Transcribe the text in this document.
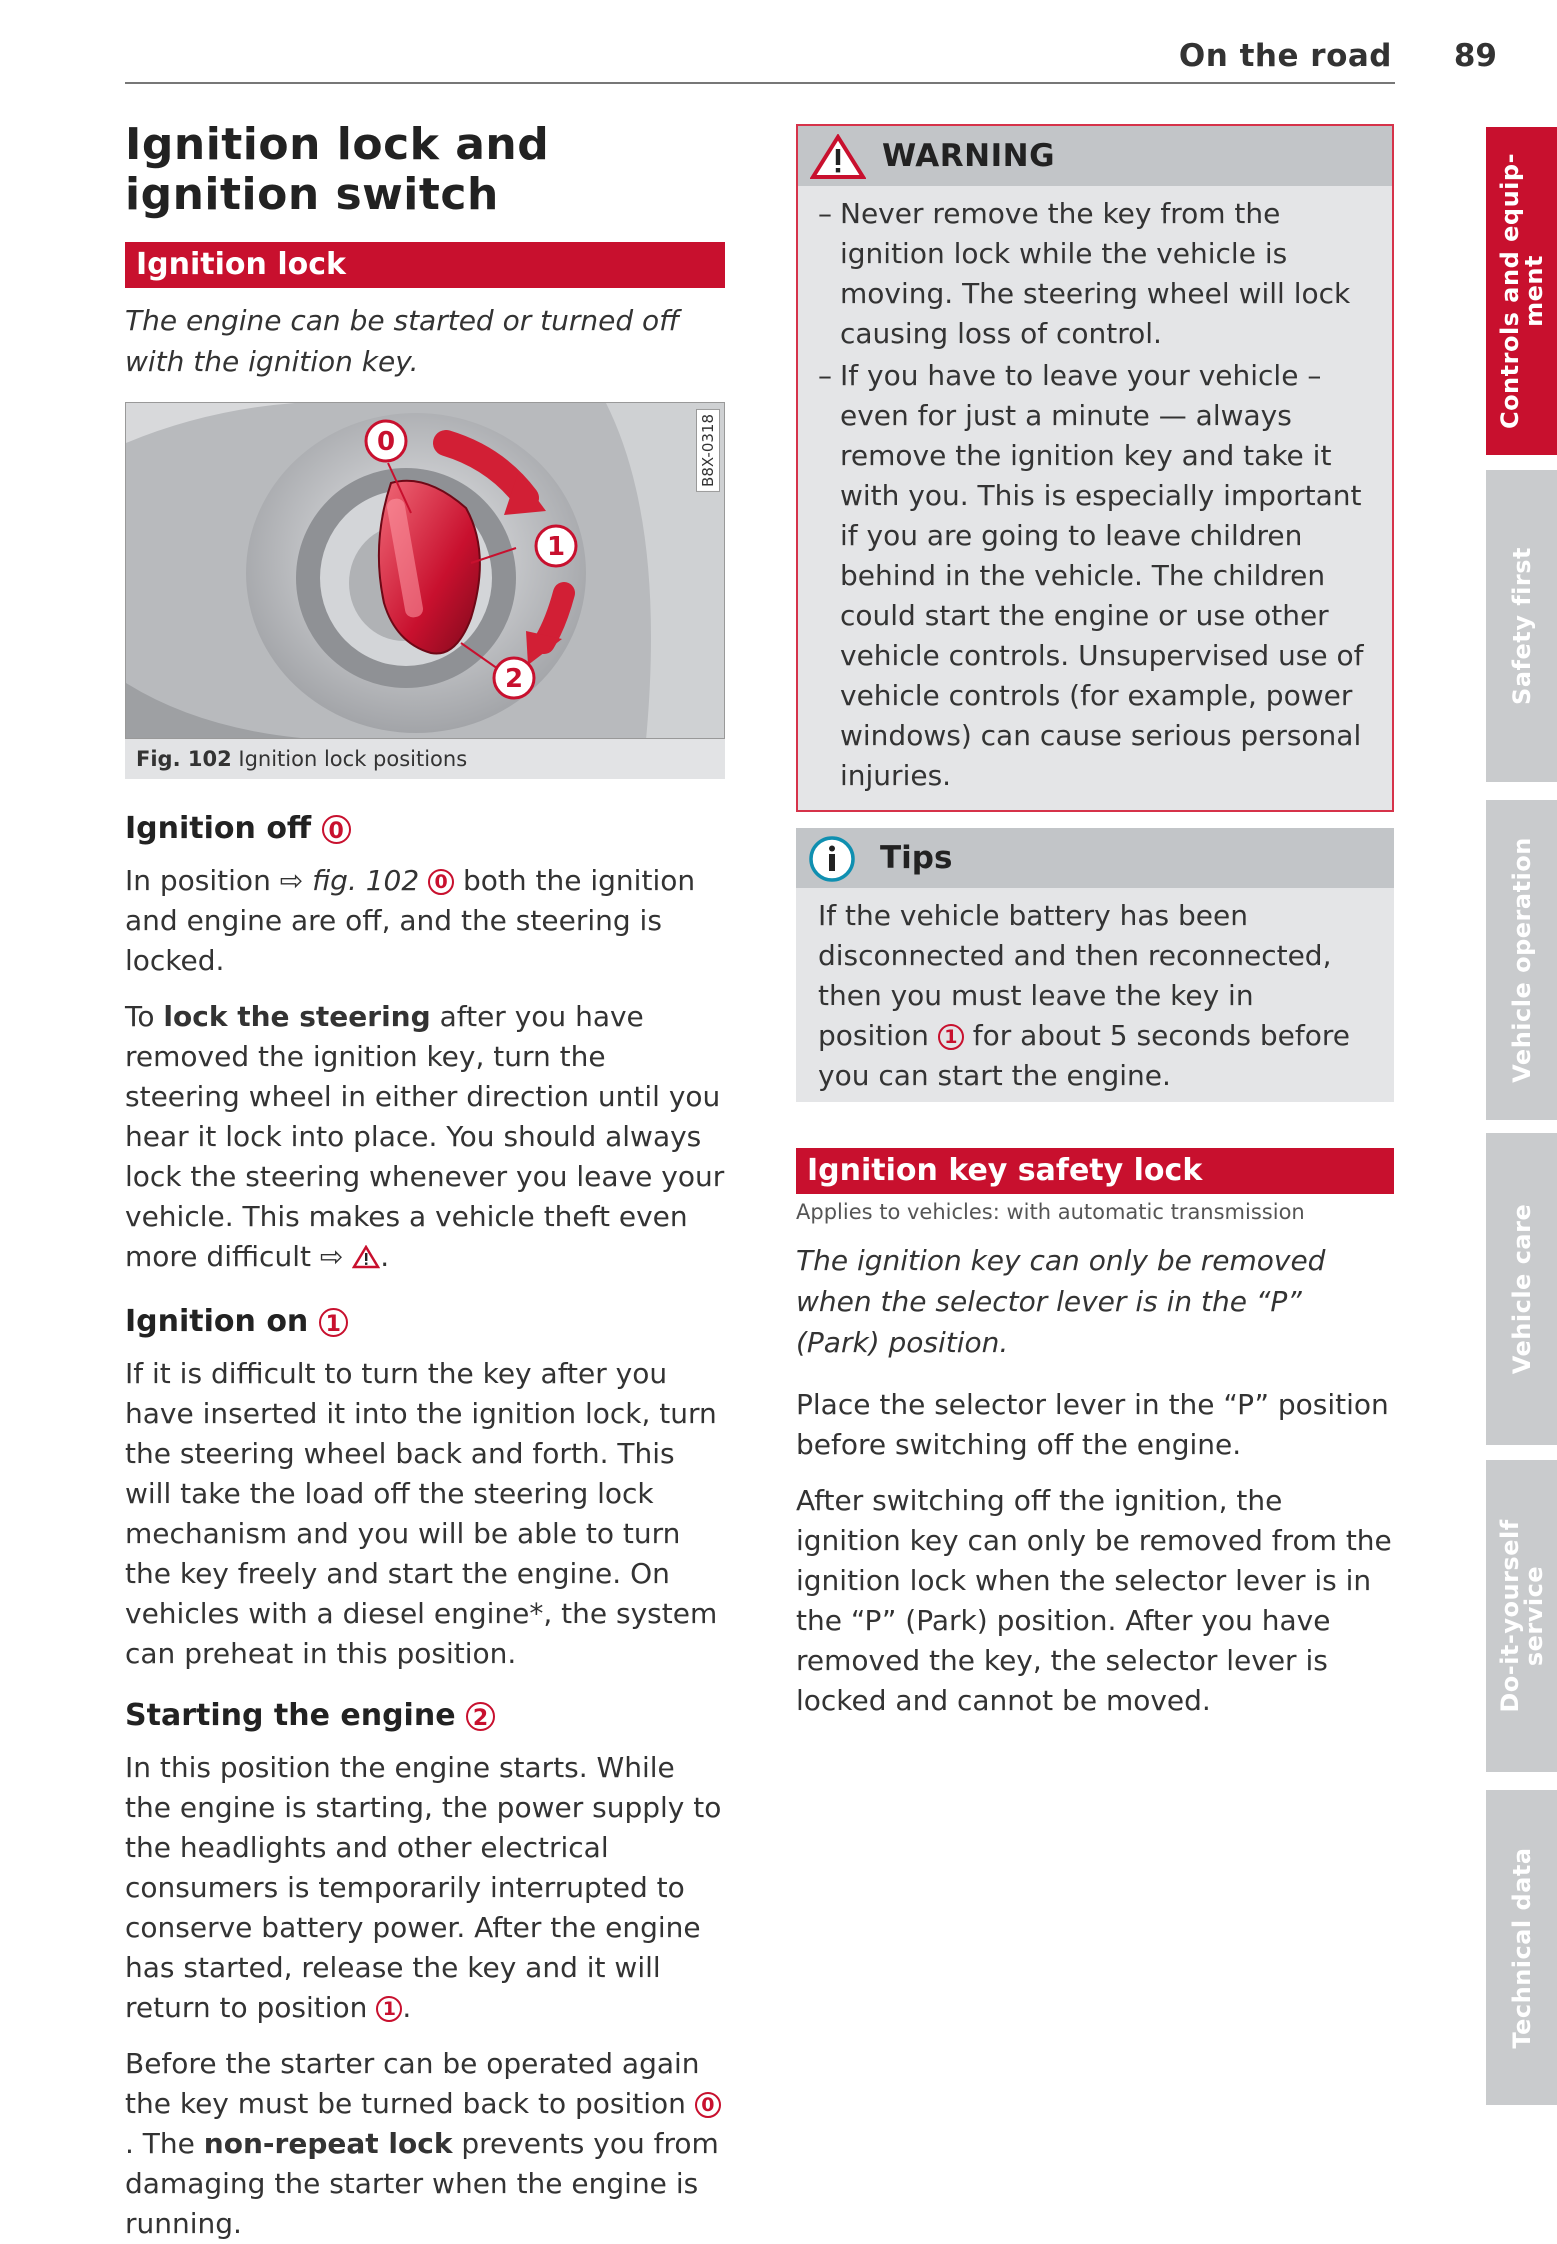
On the road 89
Ignition lock and
ignition switch
Ignition lock

The engine can be started or turned off with the ignition key.

0
1
2
B8X-0318
Fig. 102 Ignition lock positions
Ignition off 0

In position ⇨ fig. 102 0 both the ignition and engine are off, and the steering is locked.

To lock the steering after you have removed the ignition key, turn the steering wheel in either direction until you hear it lock into place. You should always lock the steering whenever you leave your vehicle. This makes a vehicle theft even more difficult ⇨ .

Ignition on 1

If it is difficult to turn the key after you have inserted it into the ignition lock, turn the steering wheel back and forth. This will take the load off the steering lock mechanism and you will be able to turn the key freely and start the engine. On vehicles with a diesel engine*, the system can preheat in this position.

Starting the engine 2

In this position the engine starts. While the engine is starting, the power supply to the headlights and other electrical consumers is temporarily interrupted to conserve battery power. After the engine has started, release the key and it will return to position 1 .

Before the starter can be operated again the key must be turned back to position 0. The non-repeat lock prevents you from damaging the starter when the engine is running.

WARNING
– Never remove the key from the ignition lock while the vehicle is moving. The steering wheel will lock causing loss of control.
– If you have to leave your vehicle – even for just a minute — always remove the ignition key and take it with you. This is especially important if you are going to leave children behind in the vehicle. The children could start the engine or use other vehicle controls. Unsupervised use of vehicle controls (for example, power windows) can cause serious personal injuries.
Tips

If the vehicle battery has been disconnected and then reconnected, then you must leave the key in position 1 for about 5 seconds before you can start the engine.

Ignition key safety lock

Applies to vehicles: with automatic transmission

The ignition key can only be removed when the selector lever is in the “P” (Park) position.

Place the selector lever in the “P” position before switching off the engine.

After switching off the ignition, the ignition key can only be removed from the ignition lock when the selector lever is in the “P” (Park) position. After you have removed the key, the selector lever is locked and cannot be moved.

Controls and equip-
ment
Safety first
Vehicle operation
Vehicle care
Do-it-yourself
service
Technical data
